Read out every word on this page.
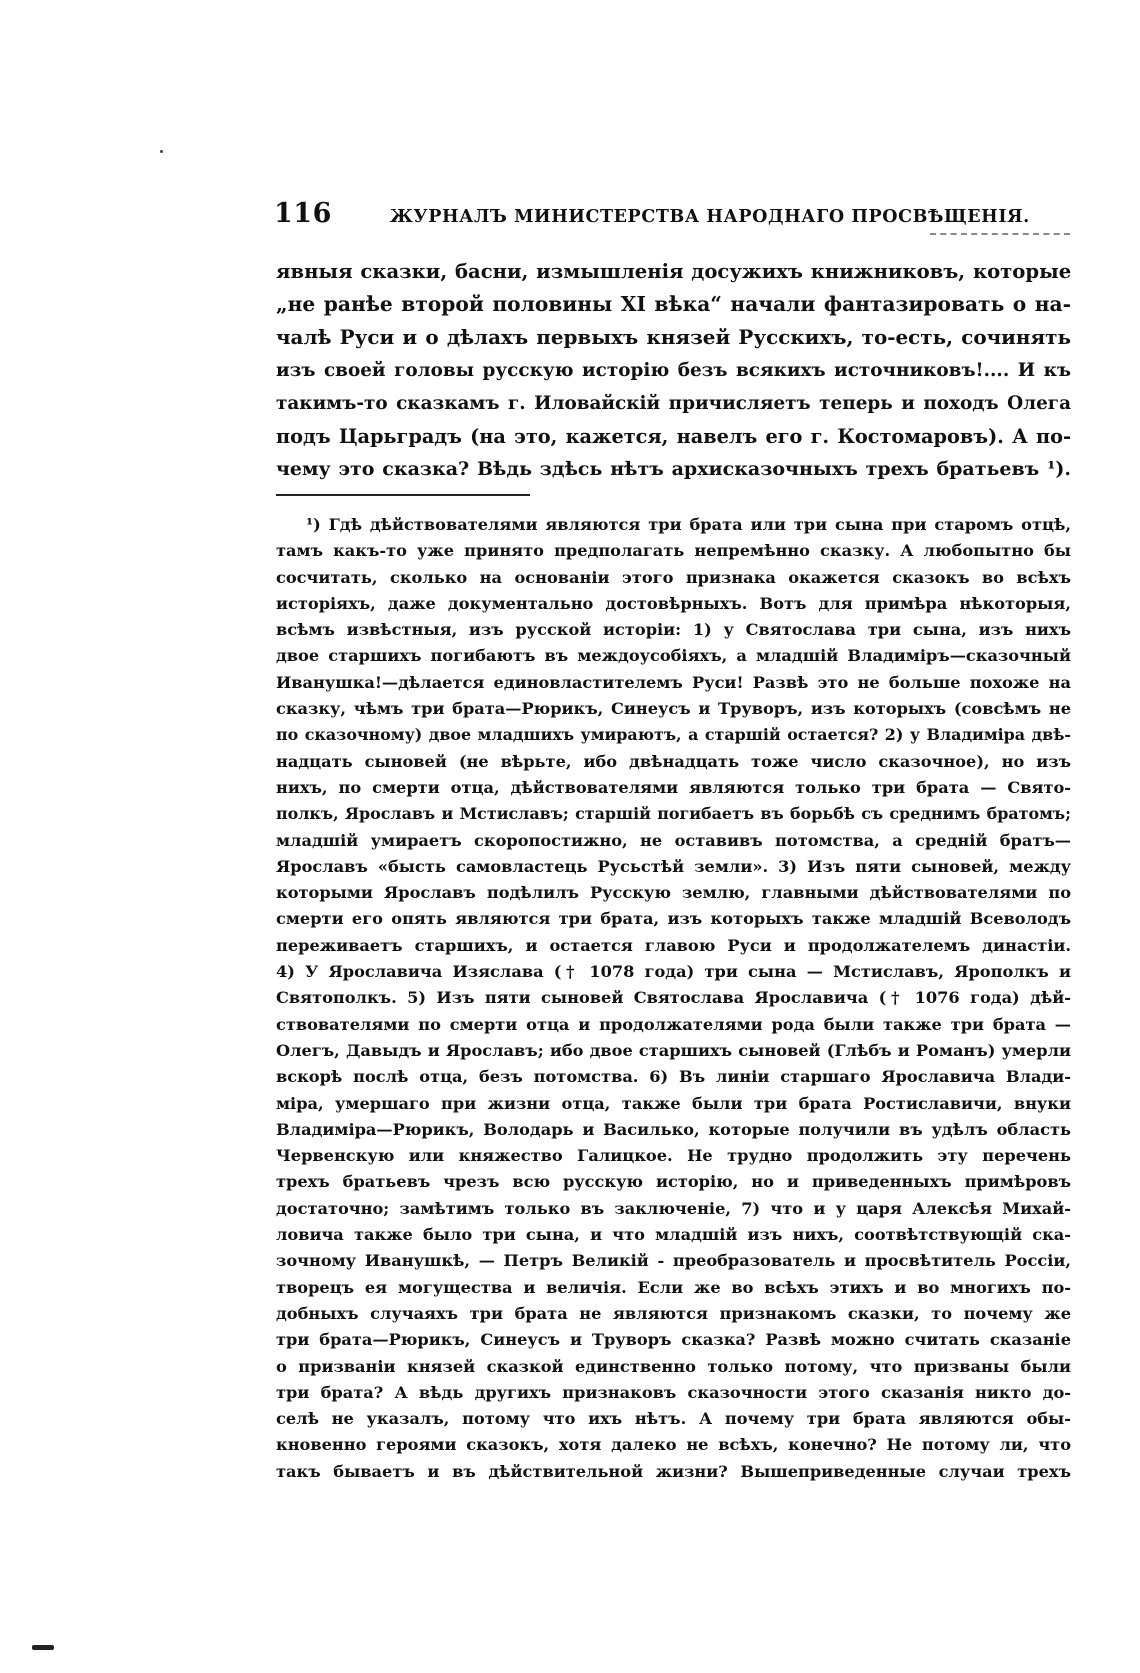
116	ЖУРНАЛЪ МИНИСТЕРСТВА НАРОДНАГО ПРОСВѢЩЕНІЯ.
явныя сказки, басни, измышленія досужихъ книжниковъ, которые
„не ранѣе второй половины XI вѣка“ начали фантазировать о на-
чалѣ Руси и о дѣлахъ первыхъ князей Русскихъ, то-есть, сочинять
изъ своей головы русскую исторію безъ всякихъ источниковъ!.... И къ
такимъ-то сказкамъ г. Иловайскій причисляетъ теперь и походъ Олега
подъ Царьградъ (на это, кажется, навелъ его г. Костомаровъ). А по-
чему это сказка? Вѣдь здѣсь нѣтъ архисказочныхъ трехъ братьевъ ¹).
¹) Гдѣ дѣйствователями являются три брата или три сына при старомъ отцѣ,
тамъ какъ-то уже принято предполагать непремѣнно сказку. А любопытно бы
сосчитать, сколько на основаніи этого признака окажется сказокъ во всѣхъ
исторіяхъ, даже документально достовѣрныхъ. Вотъ для примѣра нѣкоторыя,
всѣмъ извѣстныя, изъ русской исторіи: 1) у Святослава три сына, изъ нихъ
двое старшихъ погибаютъ въ междоусобіяхъ, а младшій Владиміръ—сказочный
Иванушка!—дѣлается единовластителемъ Руси! Развѣ это не больше похоже на
сказку, чѣмъ три брата—Рюрикъ, Синеусъ и Труворъ, изъ которыхъ (совсѣмъ не
по сказочному) двое младшихъ умираютъ, а старшій остается? 2) у Владиміра двѣ-
надцать сыновей (не вѣрьте, ибо двѣнадцать тоже число сказочное), но изъ
нихъ, по смерти отца, дѣйствователями являются только три брата — Свято-
полкъ, Ярославъ и Мстиславъ; старшій погибаетъ въ борьбѣ съ среднимъ братомъ;
младшій умираетъ скоропостижно, не оставивъ потомства, а средній братъ—
Ярославъ «бысть самовластець Русьстѣй земли». 3) Изъ пяти сыновей, между
которыми Ярославъ подѣлилъ Русскую землю, главными дѣйствователями по
смерти его опять являются три брата, изъ которыхъ также младшій Всеволодъ
переживаетъ старшихъ, и остается главою Руси и продолжателемъ династіи.
4) У Ярославича Изяслава († 1078 года) три сына — Мстиславъ, Ярополкъ и
Святополкъ. 5) Изъ пяти сыновей Святослава Ярославича († 1076 года) дѣй-
ствователями по смерти отца и продолжателями рода были также три брата —
Олегъ, Давыдъ и Ярославъ; ибо двое старшихъ сыновей (Глѣбъ и Романъ) умерли
вскорѣ послѣ отца, безъ потомства. 6) Въ линіи старшаго Ярославича Влади-
міра, умершаго при жизни отца, также были три брата Ростиславичи, внуки
Владиміра—Рюрикъ, Володарь и Василько, которые получили въ удѣлъ область
Червенскую или княжество Галицкое. Не трудно продолжить эту перечень
трехъ братьевъ чрезъ всю русскую исторію, но и приведенныхъ примѣровъ
достаточно; замѣтимъ только въ заключеніе, 7) что и у царя Алексѣя Михай-
ловича также было три сына, и что младшій изъ нихъ, соотвѣтствующій ска-
зочному Иванушкѣ, — Петръ Великій - преобразователь и просвѣтитель Россіи,
творецъ ея могущества и величія. Если же во всѣхъ этихъ и во многихъ по-
добныхъ случаяхъ три брата не являются признакомъ сказки, то почему же
три брата—Рюрикъ, Синеусъ и Труворъ сказка? Развѣ можно считать сказаніе
о призваніи князей сказкой единственно только потому, что призваны были
три брата? А вѣдь другихъ признаковъ сказочности этого сказанія никто до-
селѣ не указалъ, потому что ихъ нѣтъ. А почему три брата являются обы-
кновенно героями сказокъ, хотя далеко не всѣхъ, конечно? Не потому ли, что
такъ бываетъ и въ дѣйствительной жизни? Вышеприведенные случаи трехъ
